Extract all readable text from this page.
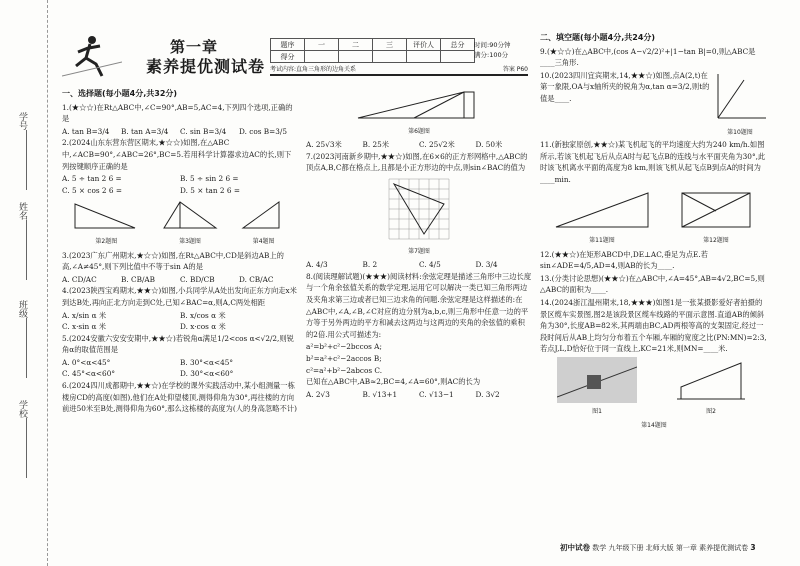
学号
姓名
班级
学校
第一章
素养提优测试卷
题序	一	二	三	评价人	总分
得分					
时间:90分钟
满分:100分
考试内容:直角三角形的边角关系	答案 P60
一、选择题(每小题4分,共32分)
1.(★☆☆)在Rt△ABC中,∠C=90°,AB=5,AC=4,下列四个选项,正确的是
A. tan B=3/4	B. tan A=3/4	C. sin B=3/4	D. cos B=3/5
2.(2024山东东营东营区期末,★☆☆)如图,在△ABC中,∠ACB=90°,∠ABC=26°,BC=5.若用科学计算器求边AC的长,则下列按键顺序正确的是
A. 5 ÷ tan 2 6 =	B. 5 ÷ sin 2 6 =
C. 5 × cos 2 6 =	D. 5 × tan 2 6 =
第2题图	第3题图	第4题图
3.(2023广东广州期末,★☆☆)如图,在Rt△ABC中,CD是斜边AB上的高,∠A≠45°,则下列比值中不等于sin A的是
A. CD/AC	B. CB/AB	C. BD/CB	D. CB/AC
4.(2023陕西宝鸡期末,★★☆)如图,小兵同学从A处出发向正东方向走x米到达B处,再向正北方向走到C处,已知∠BAC=α,则A,C两处相距
A. x/sin α 米	B. x/cos α 米
C. x·sin α 米	D. x·cos α 米
5.(2024安徽六安安安期中,★★☆)若锐角α满足1/2<cos α<√2/2,则锐角α的取值范围是
A. 0°<α<45°	B. 30°<α<45°
C. 45°<α<60°	D. 30°<α<60°
6.(2024四川成都期中,★★☆)在学校的课外实践活动中,某小组测量一栋楼房CD的高度(如图),他们在A处仰望楼顶,测得仰角为30°,再往楼的方向前进50米至B处,测得仰角为60°,那么这栋楼的高度为(人的身高忽略不计)
第6题图
A. 25√3米	B. 25米	C. 25√2米	D. 50米
7.(2023河南新乡期中,★★☆)如图,在6×6的正方形网格中,△ABC的顶点A,B,C都在格点上,且都是小正方形边的中点,则sin∠BAC的值为
第7题图
A. 4/3	B. 2	C. 4/5	D. 3/4
8.(阅读理解试题)(★★★)阅读材料:余弦定理是描述三角形中三边长度与一个角余弦值关系的数学定理,运用它可以解决一类已知三角形两边及夹角求第三边或者已知三边求角的问题.余弦定理是这样描述的:在△ABC中,∠A,∠B,∠C对应的边分别为a,b,c,则三角形中任意一边的平方等于另外两边的平方和减去这两边与这两边的夹角的余弦值的乘积的2倍.用公式可描述为:
a²=b²+c²−2bccos A;
b²=a²+c²−2accos B;
c²=a²+b²−2abcos C.
已知在△ABC中,AB≈2,BC=4,∠A=60°,则AC的长为
A. 2√3	B. √13+1	C. √13−1	D. 3√2
二、填空题(每小题4分,共24分)
9.(★☆☆)在△ABC中,(cos A−√2/2)²+|1−tan B|=0,则△ABC是____三角形.
10.(2023四川宜宾期末,14,★★☆)如图,点A(2,t)在第一象限,OA与x轴所夹的锐角为α,tan α=3/2,则t的值是____.
第10题图
11.(新独家原创,★★☆)某飞机起飞的平均速度大约为240 km/h.如图所示,若该飞机起飞后从点A时与起飞点B的连线与水平面夹角为30°,此时该飞机离水平面的高度为8 km,则该飞机从起飞点B到点A的时间为____min.
第11题图	第12题图
12.(★★☆)在矩形ABCD中,DE⊥AC,垂足为点E.若sin∠ADE=4/5,AD=4,则AB的长为____.
13.(分类讨论思想)(★★☆)在△ABC中,∠A=45°,AB=4√2,BC=5,则△ABC的面积为____.
14.(2024浙江温州期末,18,★★★)如图1是一张某摄影爱好者拍摄的景区缆车实景图,图2是该段景区缆车线路的平面示意图.直道AB的倾斜角为30°,长度AB=82米,其两端由BC,AD两根等高的支架固定,经过一段时间后从AB上均匀分布着五个车厢,车厢的宽度之比(PN:MN)=2:3,若点J,L,D恰好位于同一直线上,KC=21米,则MN=____米.
图1	图2
第14题图
初中试卷 数学 九年级下册 北师大版 第一章 素养提优测试卷 3
